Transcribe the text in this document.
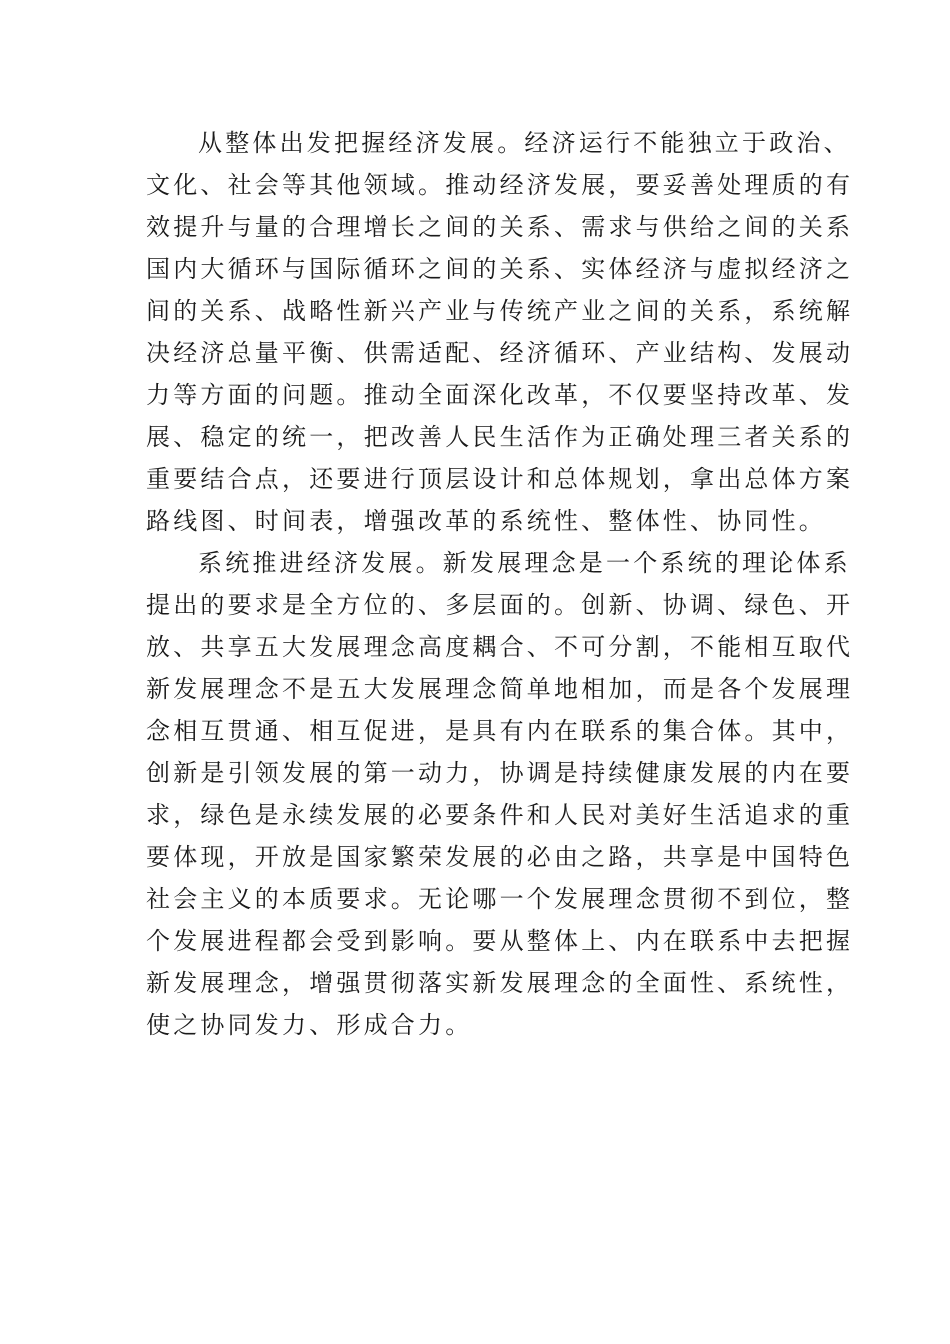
从整体出发把握经济发展。经济运行不能独立于政治、
文化、社会等其他领域。推动经济发展，要妥善处理质的有
效提升与量的合理增长之间的关系、需求与供给之间的关系
国内大循环与国际循环之间的关系、实体经济与虚拟经济之
间的关系、战略性新兴产业与传统产业之间的关系，系统解
决经济总量平衡、供需适配、经济循环、产业结构、发展动
力等方面的问题。推动全面深化改革，不仅要坚持改革、发
展、稳定的统一，把改善人民生活作为正确处理三者关系的
重要结合点，还要进行顶层设计和总体规划，拿出总体方案
路线图、时间表，增强改革的系统性、整体性、协同性。

系统推进经济发展。新发展理念是一个系统的理论体系
提出的要求是全方位的、多层面的。创新、协调、绿色、开
放、共享五大发展理念高度耦合、不可分割，不能相互取代
新发展理念不是五大发展理念简单地相加，而是各个发展理
念相互贯通、相互促进，是具有内在联系的集合体。其中，
创新是引领发展的第一动力，协调是持续健康发展的内在要
求，绿色是永续发展的必要条件和人民对美好生活追求的重
要体现，开放是国家繁荣发展的必由之路，共享是中国特色
社会主义的本质要求。无论哪一个发展理念贯彻不到位，整
个发展进程都会受到影响。要从整体上、内在联系中去把握
新发展理念，增强贯彻落实新发展理念的全面性、系统性，
使之协同发力、形成合力。
